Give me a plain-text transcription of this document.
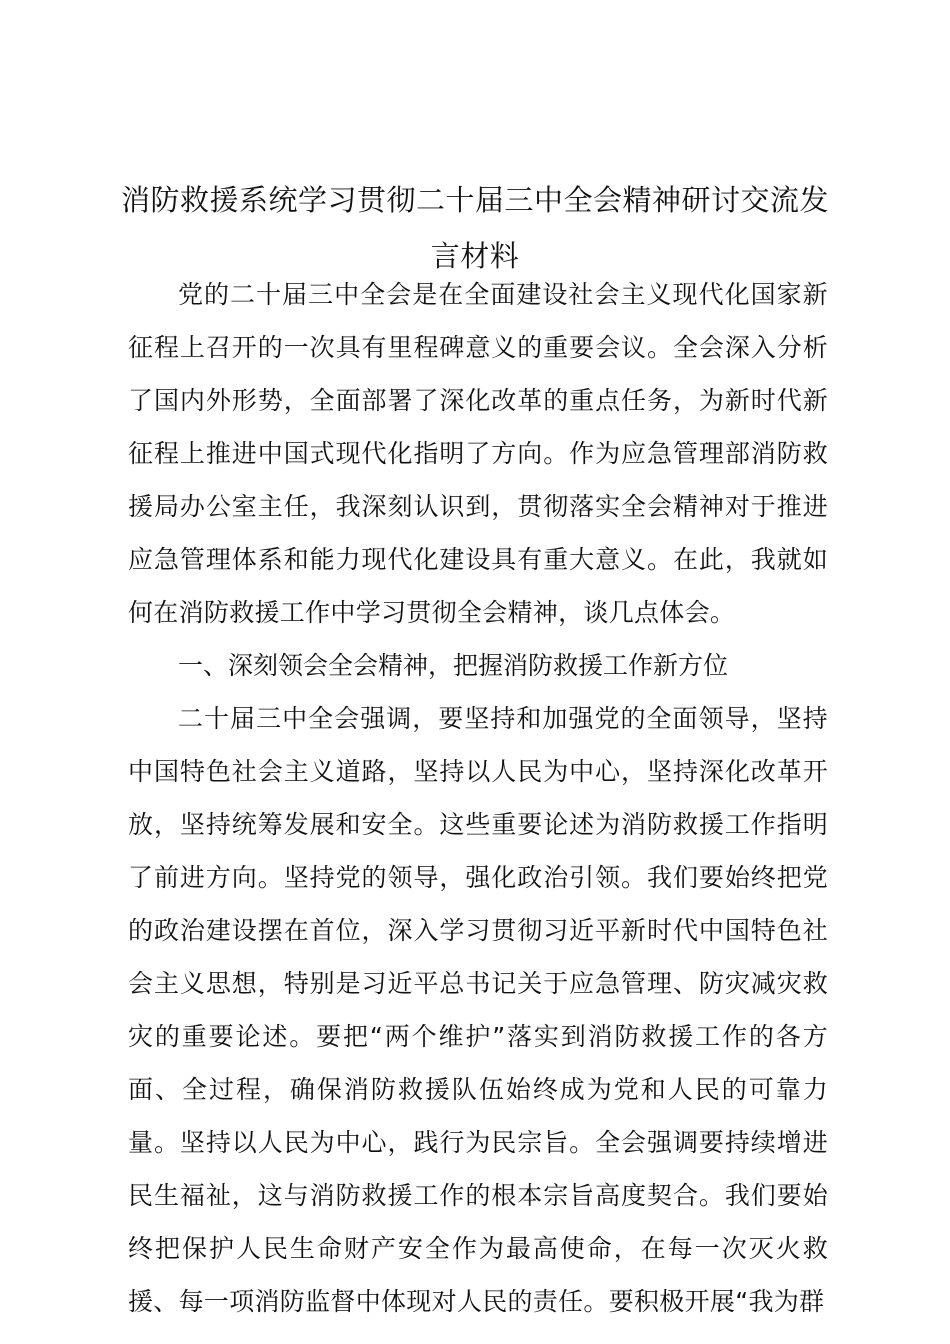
消防救援系统学习贯彻二十届三中全会精神研讨交流发言材料

党的二十届三中全会是在全面建设社会主义现代化国家新征程上召开的一次具有里程碑意义的重要会议。全会深入分析了国内外形势，全面部署了深化改革的重点任务，为新时代新征程上推进中国式现代化指明了方向。作为应急管理部消防救援局办公室主任，我深刻认识到，贯彻落实全会精神对于推进应急管理体系和能力现代化建设具有重大意义。在此，我就如何在消防救援工作中学习贯彻全会精神，谈几点体会。

一、深刻领会全会精神，把握消防救援工作新方位

二十届三中全会强调，要坚持和加强党的全面领导，坚持中国特色社会主义道路，坚持以人民为中心，坚持深化改革开放，坚持统筹发展和安全。这些重要论述为消防救援工作指明了前进方向。坚持党的领导，强化政治引领。我们要始终把党的政治建设摆在首位，深入学习贯彻习近平新时代中国特色社会主义思想，特别是习近平总书记关于应急管理、防灾减灾救灾的重要论述。要把“两个维护”落实到消防救援工作的各方面、全过程，确保消防救援队伍始终成为党和人民的可靠力量。坚持以人民为中心，践行为民宗旨。全会强调要持续增进民生福祉，这与消防救援工作的根本宗旨高度契合。我们要始终把保护人民生命财产安全作为最高使命，在每一次灭火救援、每一项消防监督中体现对人民的责任。要积极开展“我为群
